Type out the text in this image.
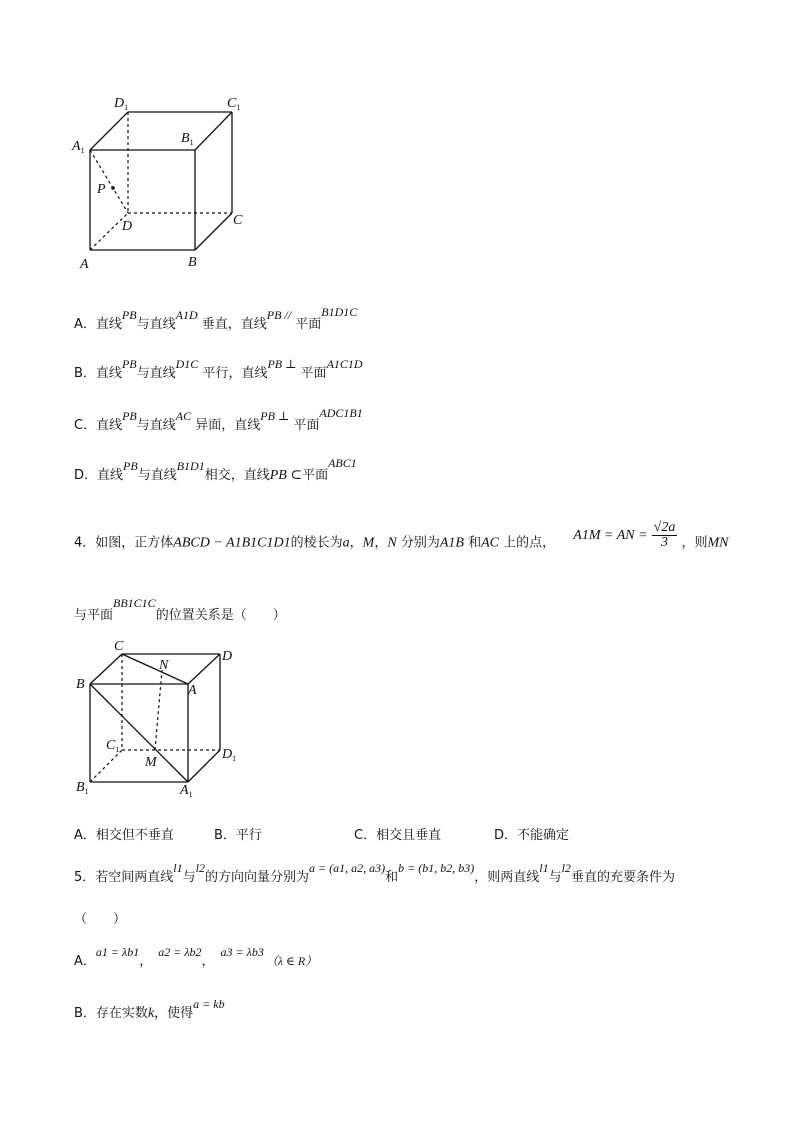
$D_1$	$C_1$
$A_1$
$B_1$
P
D	C
A	B
A．直线PB与直线A1D 垂直，直线PB // 平面B1D1C
B．直线PB与直线D1C 平行，直线PB ⊥ 平面A1C1D
C．直线PB与直线AC 异面，直线PB ⊥ 平面ADC1B1
D．直线PB与直线B1D1相交，直线PB ⊂平面ABC1
4．如图，正方体ABCD − A1B1C1D1的棱长为a，M，N 分别为A1B 和AC 上的点， A1M = AN = $\frac{√2a}{3}$ ，则MN
与平面BB1C1C的位置关系是（　　）
C
N
D
B	A
$C_1$
M
$D_1$
$B_1$	$A_1$
A．相交但不垂直	B．平行	C．相交且垂直	D．不能确定
5．若空间两直线l1与l2的方向向量分别为a = (a1, a2, a3)和b = (b1, b2, b3)，则两直线l1与l2垂直的充要条件为
（　　）
A．a1 = λb1，a2 = λb2，a3 = λb3（λ ∈ R）
B．存在实数k，使得a = kb
